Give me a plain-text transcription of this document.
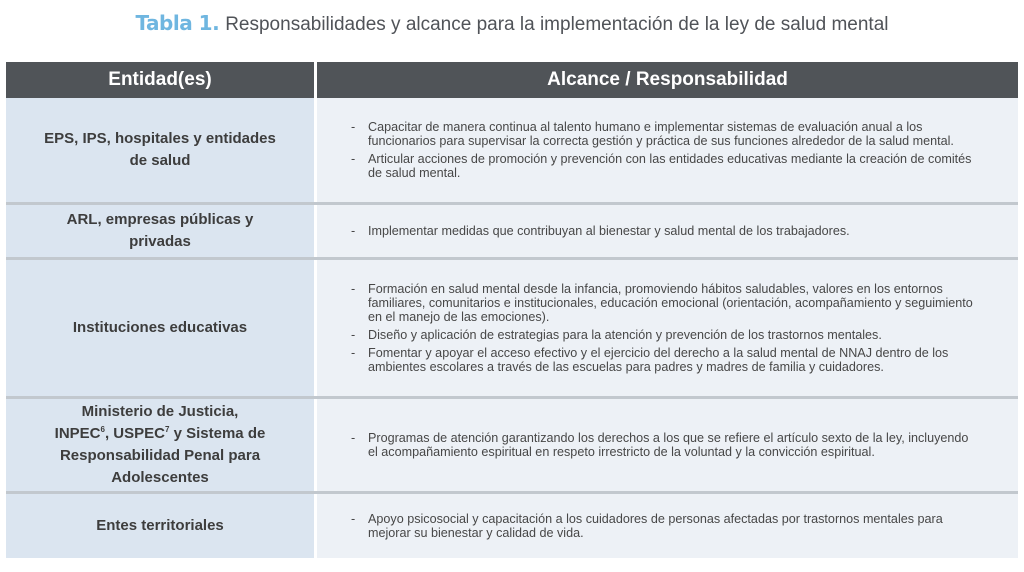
Tabla 1. Responsabilidades y alcance para la implementación de la ley de salud mental
Entidad(es)	Alcance / Responsabilidad
EPS, IPS, hospitales y entidades de salud
- Capacitar de manera continua al talento humano e implementar sistemas de evaluación anual a los funcionarios para supervisar la correcta gestión y práctica de sus funciones alrededor de la salud mental.
- Articular acciones de promoción y prevención con las entidades educativas mediante la creación de comités de salud mental.
ARL, empresas públicas y privadas
- Implementar medidas que contribuyan al bienestar y salud mental de los trabajadores.
Instituciones educativas
- Formación en salud mental desde la infancia, promoviendo hábitos saludables, valores en los entornos familiares, comunitarios e institucionales, educación emocional (orientación, acompañamiento y seguimiento en el manejo de las emociones).
- Diseño y aplicación de estrategias para la atención y prevención de los trastornos mentales.
- Fomentar y apoyar el acceso efectivo y el ejercicio del derecho a la salud mental de NNAJ dentro de los ambientes escolares a través de las escuelas para padres y madres de familia y cuidadores.
Ministerio de Justicia,
INPEC$^6$, USPEC$^7$ y Sistema de Responsabilidad Penal para Adolescentes
- Programas de atención garantizando los derechos a los que se refiere el artículo sexto de la ley, incluyendo el acompañamiento espiritual en respeto irrestricto de la voluntad y la convicción espiritual.
Entes territoriales	- Apoyo psicosocial y capacitación a los cuidadores de personas afectadas por trastornos mentales para mejorar su bienestar y calidad de vida.
